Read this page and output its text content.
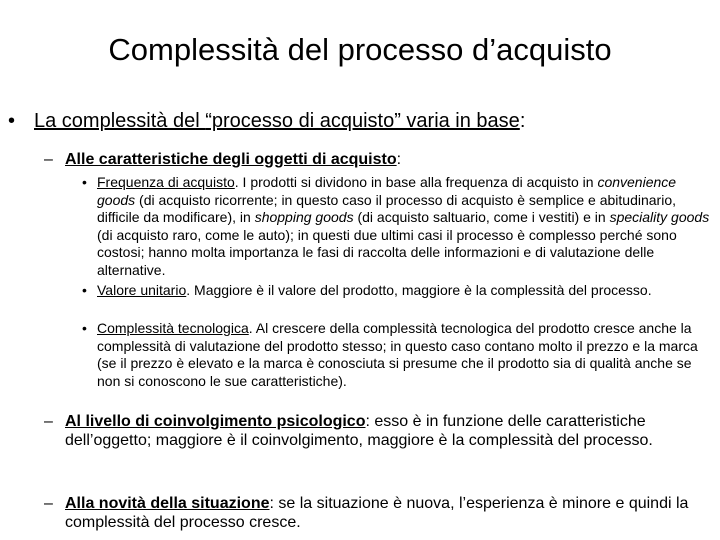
Complessità del processo d’acquisto
• La complessità del “processo di acquisto” varia in base:
– Alle caratteristiche degli oggetti di acquisto:
• Frequenza di acquisto. I prodotti si dividono in base alla frequenza di acquisto in convenience goods (di acquisto ricorrente; in questo caso il processo di acquisto è semplice e abitudinario, difficile da modificare), in shopping goods (di acquisto saltuario, come i vestiti) e in speciality goods (di acquisto raro, come le auto); in questi due ultimi casi il processo è complesso perché sono costosi; hanno molta importanza le fasi di raccolta delle informazioni e di valutazione delle alternative.
• Valore unitario. Maggiore è il valore del prodotto, maggiore è la complessità del processo.
• Complessità tecnologica. Al crescere della complessità tecnologica del prodotto cresce anche la complessità di valutazione del prodotto stesso; in questo caso contano molto il prezzo e la marca (se il prezzo è elevato e la marca è conosciuta si presume che il prodotto sia di qualità anche se non si conoscono le sue caratteristiche).
– Al livello di coinvolgimento psicologico: esso è in funzione delle caratteristiche dell’oggetto; maggiore è il coinvolgimento, maggiore è la complessità del processo.
– Alla novità della situazione: se la situazione è nuova, l’esperienza è minore e quindi la complessità del processo cresce.
